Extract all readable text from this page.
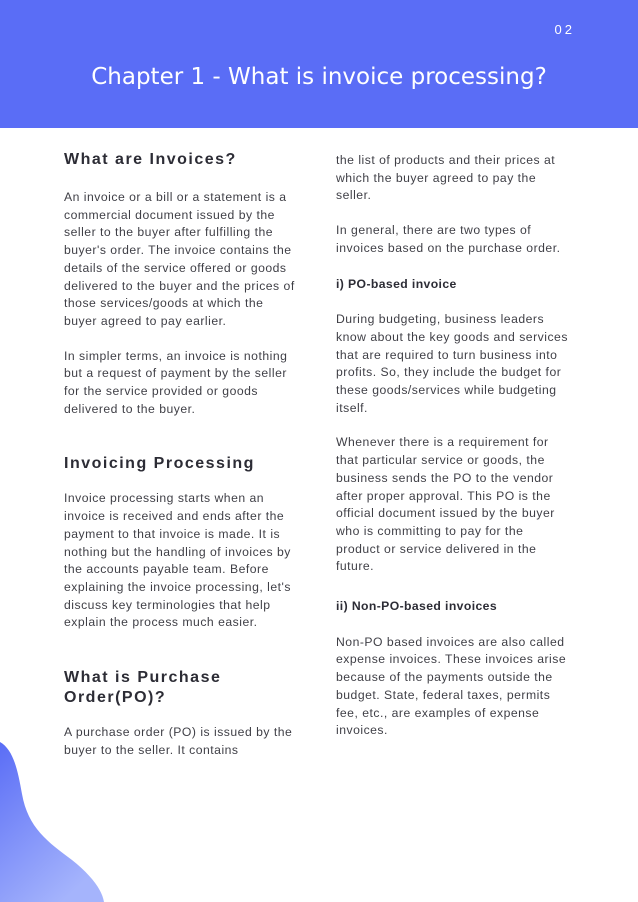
02
Chapter 1 - What is invoice processing?
What are Invoices?

An invoice or a bill or a statement is a commercial document issued by the seller to the buyer after fulfilling the buyer's order. The invoice contains the details of the service offered or goods delivered to the buyer and the prices of those services/goods at which the buyer agreed to pay earlier.

In simpler terms, an invoice is nothing but a request of payment by the seller for the service provided or goods delivered to the buyer.

Invoicing Processing

Invoice processing starts when an invoice is received and ends after the payment to that invoice is made. It is nothing but the handling of invoices by the accounts payable team. Before explaining the invoice processing, let's discuss key terminologies that help explain the process much easier.

What is Purchase Order(PO)?

A purchase order (PO) is issued by the buyer to the seller. It contains

the list of products and their prices at which the buyer agreed to pay the seller.

In general, there are two types of invoices based on the purchase order.

i) PO-based invoice

During budgeting, business leaders know about the key goods and services that are required to turn business into profits. So, they include the budget for these goods/services while budgeting itself.

Whenever there is a requirement for that particular service or goods, the business sends the PO to the vendor after proper approval. This PO is the official document issued by the buyer who is committing to pay for the product or service delivered in the future.

ii) Non-PO-based invoices

Non-PO based invoices are also called expense invoices. These invoices arise because of the payments outside the budget. State, federal taxes, permits fee, etc., are examples of expense invoices.
